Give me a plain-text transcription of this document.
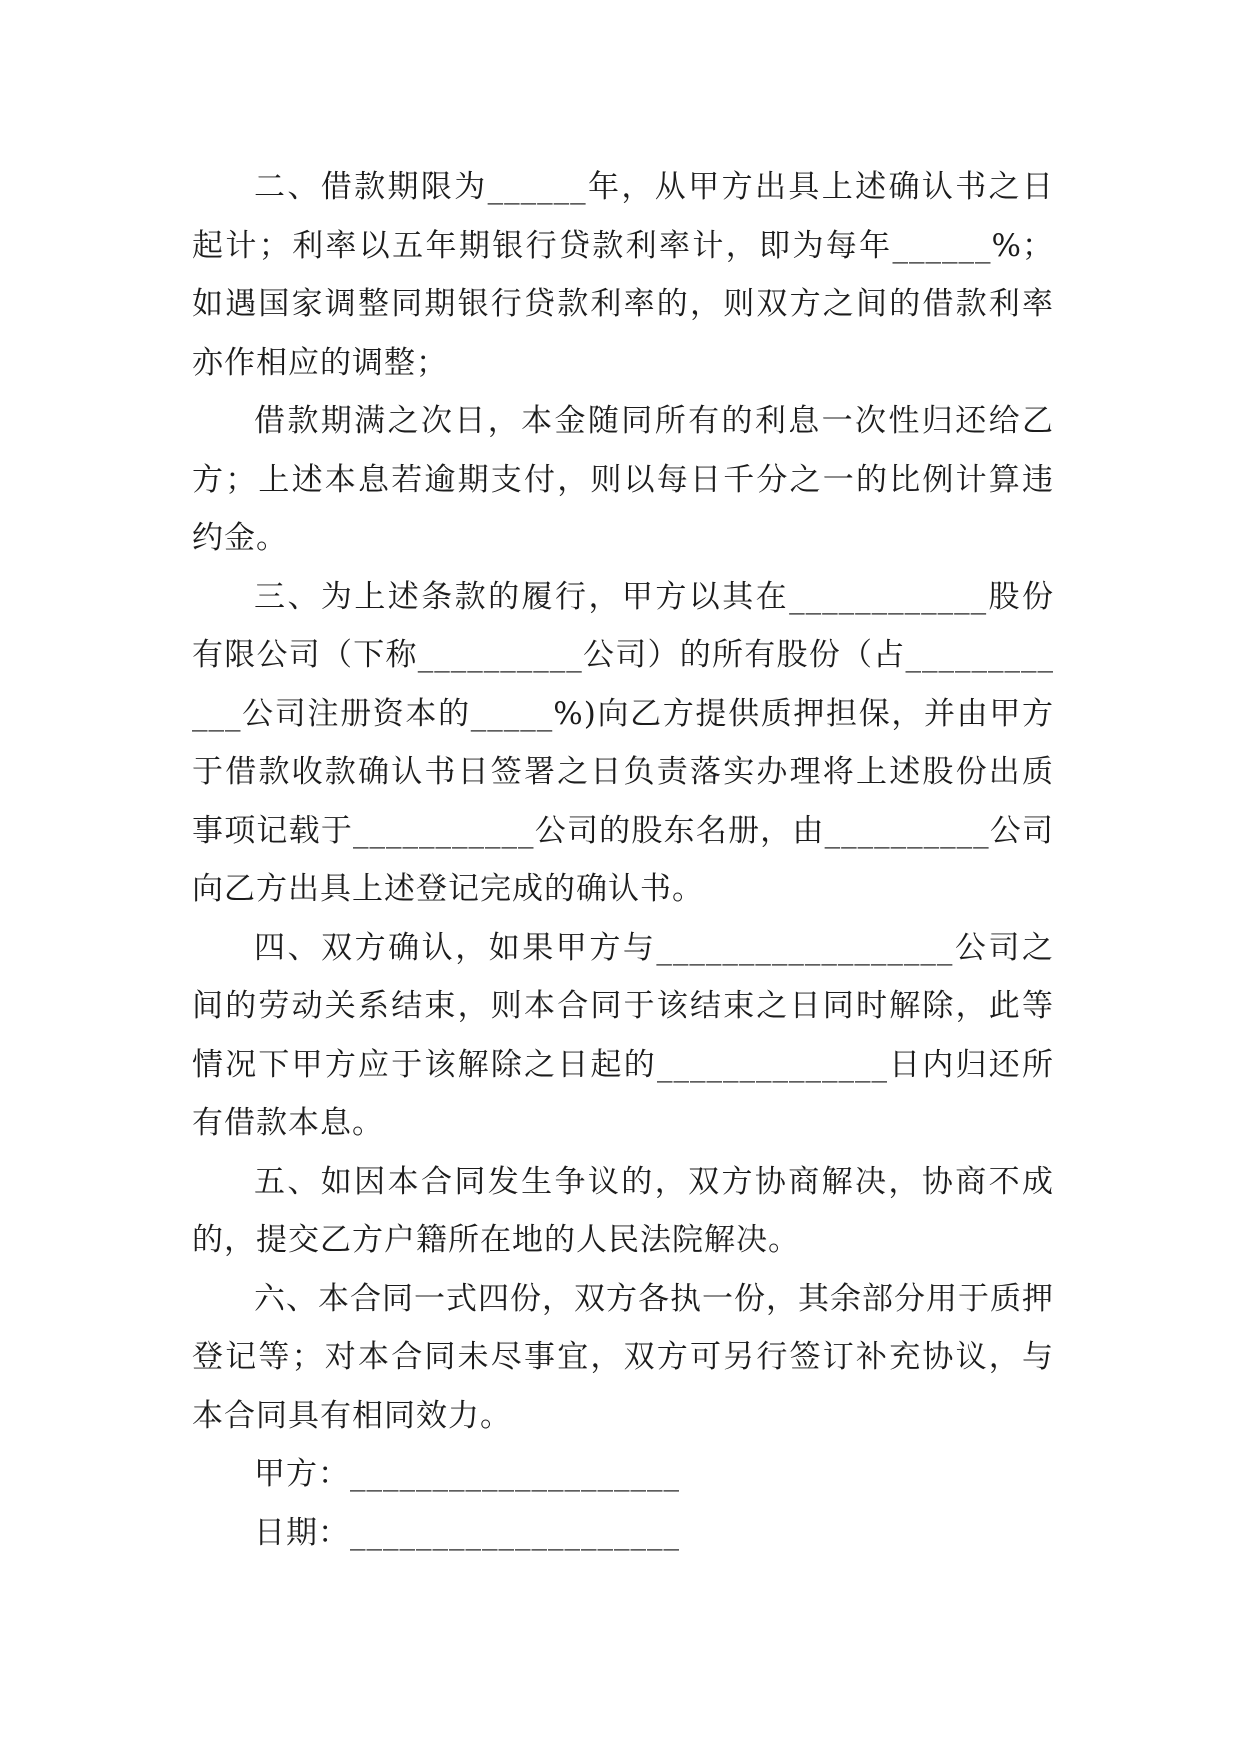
二、借款期限为______年，从甲方出具上述确认书之日起计；利率以五年期银行贷款利率计，即为每年______%；如遇国家调整同期银行贷款利率的，则双方之间的借款利率亦作相应的调整；

借款期满之次日，本金随同所有的利息一次性归还给乙方；上述本息若逾期支付，则以每日千分之一的比例计算违约金。

三、为上述条款的履行，甲方以其在____________股份有限公司（下称__________公司）的所有股份（占____________公司注册资本的_____%)向乙方提供质押担保，并由甲方于借款收款确认书日签署之日负责落实办理将上述股份出质事项记载于___________公司的股东名册，由__________公司向乙方出具上述登记完成的确认书。

四、双方确认，如果甲方与__________________公司之间的劳动关系结束，则本合同于该结束之日同时解除，此等情况下甲方应于该解除之日起的______________日内归还所有借款本息。

五、如因本合同发生争议的，双方协商解决，协商不成的，提交乙方户籍所在地的人民法院解决。

六、本合同一式四份，双方各执一份，其余部分用于质押登记等；对本合同未尽事宜，双方可另行签订补充协议，与本合同具有相同效力。

甲方：____________________

日期：____________________
